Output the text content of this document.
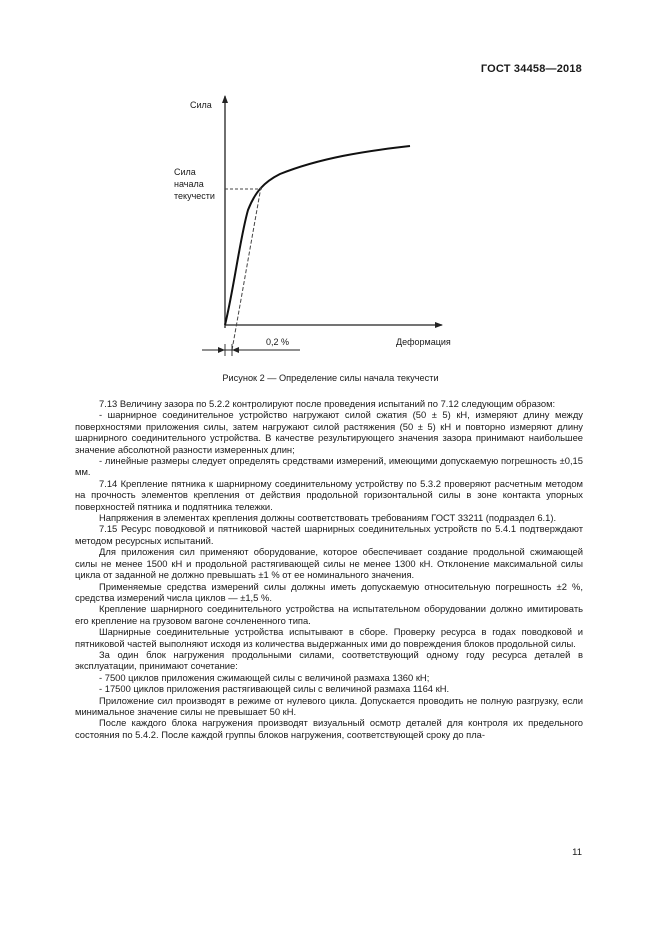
ГОСТ 34458—2018
Сила
Сила
начала
текучести
0,2 %	Деформация
Рисунок 2 — Определение силы начала текучести

7.13 Величину зазора по 5.2.2 контролируют после проведения испытаний по 7.12 следующим образом:

- шарнирное соединительное устройство нагружают силой сжатия (50 ± 5) кН, измеряют длину между поверхностями приложения силы, затем нагружают силой растяжения (50 ± 5) кН и повторно измеряют длину шарнирного соединительного устройства. В качестве результирующего значения зазора принимают наибольшее значение абсолютной разности измеренных длин;

- линейные размеры следует определять средствами измерений, имеющими допускаемую погрешность ±0,15 мм.

7.14 Крепление пятника к шарнирному соединительному устройству по 5.3.2 проверяют расчетным методом на прочность элементов крепления от действия продольной горизонтальной силы в зоне контакта упорных поверхностей пятника и подпятника тележки.

Напряжения в элементах крепления должны соответствовать требованиям ГОСТ 33211 (подраздел 6.1).

7.15 Ресурс поводковой и пятниковой частей шарнирных соединительных устройств по 5.4.1 подтверждают методом ресурсных испытаний.

Для приложения сил применяют оборудование, которое обеспечивает создание продольной сжимающей силы не менее 1500 кН и продольной растягивающей силы не менее 1300 кН. Отклонение максимальной силы цикла от заданной не должно превышать ±1 % от ее номинального значения.

Применяемые средства измерений силы должны иметь допускаемую относительную погрешность ±2 %, средства измерений числа циклов — ±1,5 %.

Крепление шарнирного соединительного устройства на испытательном оборудовании должно имитировать его крепление на грузовом вагоне сочлененного типа.

Шарнирные соединительные устройства испытывают в сборе. Проверку ресурса в годах поводковой и пятниковой частей выполняют исходя из количества выдержанных ими до повреждения блоков продольной силы.

За один блок нагружения продольными силами, соответствующий одному году ресурса деталей в эксплуатации, принимают сочетание:

- 7500 циклов приложения сжимающей силы с величиной размаха 1360 кН;

- 17500 циклов приложения растягивающей силы с величиной размаха 1164 кН.

Приложение сил производят в режиме от нулевого цикла. Допускается проводить не полную разгрузку, если минимальное значение силы не превышает 50 кН.

После каждого блока нагружения производят визуальный осмотр деталей для контроля их предельного состояния по 5.4.2. После каждой группы блоков нагружения, соответствующей сроку до пла-

11
